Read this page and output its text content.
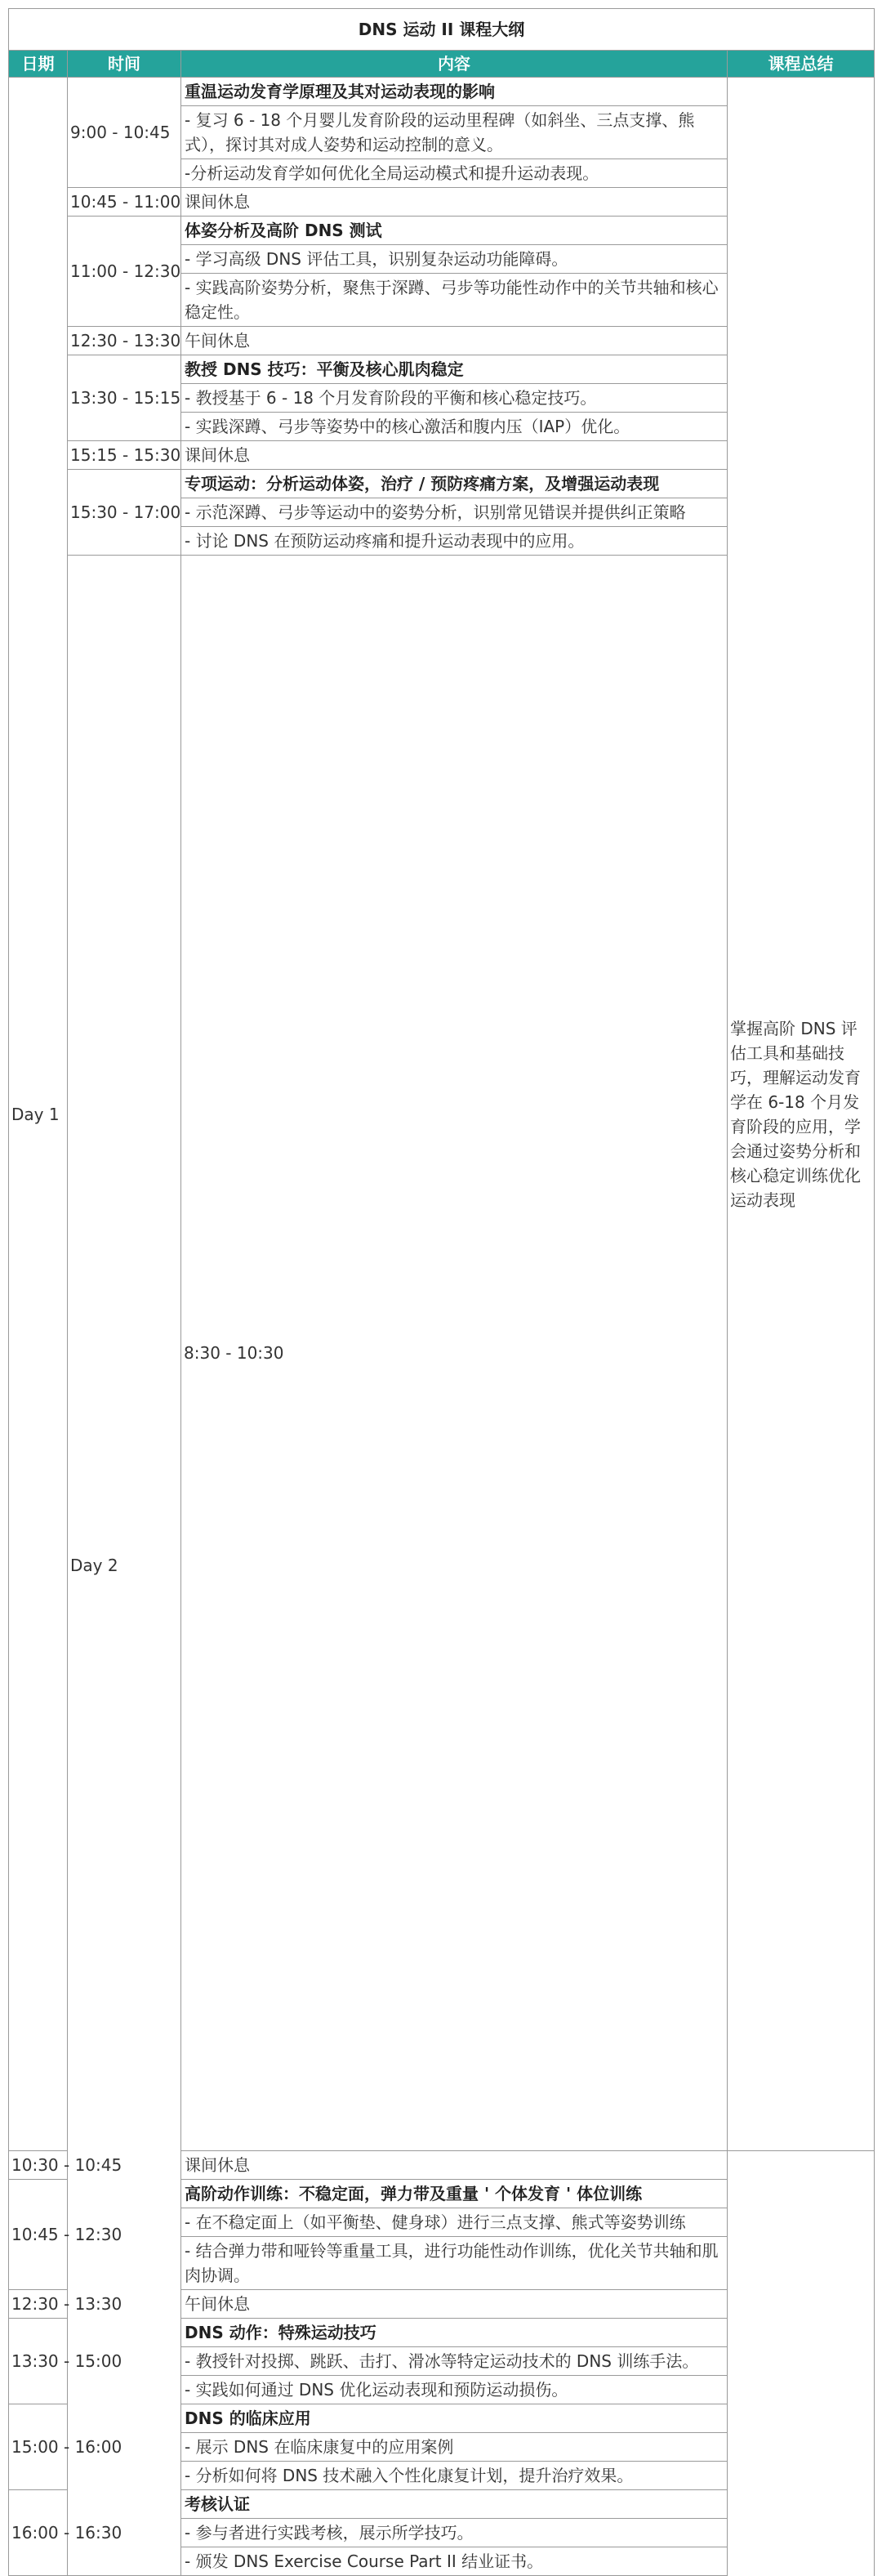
DNS 运动 II 课程大纲				
日期	时间	内容	课程总结	
Day 1	9:00 - 10:45	重温运动发育学原理及其对运动表现的影响	掌握高阶 DNS 评估工具和基础技巧，理解运动发育学在 6-18 个月发育阶段的应用，学会通过姿势分析和核心稳定训练优化运动表现	
		- 复习 6 - 18 个月婴儿发育阶段的运动里程碑（如斜坐、三点支撑、熊式），探讨其对成人姿势和运动控制的意义。		
		-分析运动发育学如何优化全局运动模式和提升运动表现。		
	10:45 - 11:00	课间休息		
	11:00 - 12:30	体姿分析及高阶 DNS 测试		
		- 学习高级 DNS 评估工具，识别复杂运动功能障碍。		
		- 实践高阶姿势分析，聚焦于深蹲、弓步等功能性动作中的关节共轴和核心稳定性。		
	12:30 - 13:30	午间休息		
	13:30 - 15:15	教授 DNS 技巧：平衡及核心肌肉稳定		
		- 教授基于 6 - 18 个月发育阶段的平衡和核心稳定技巧。		
		- 实践深蹲、弓步等姿势中的核心激活和腹内压（IAP）优化。		
	15:15 - 15:30	课间休息		
	15:30 - 17:00	专项运动：分析运动体姿，治疗 / 预防疼痛方案，及增强运动表现		
		- 示范深蹲、弓步等运动中的姿势分析，识别常见错误并提供纠正策略		
		- 讨论 DNS 在预防运动疼痛和提升运动表现中的应用。		
	Day 2	8:30 - 10:30		

10:30 - 10:45		课间休息		
10:45 - 12:30		高阶动作训练：不稳定面，弹力带及重量 ' 个体发育 ' 体位训练		
		- 在不稳定面上（如平衡垫、健身球）进行三点支撑、熊式等姿势训练		
		- 结合弹力带和哑铃等重量工具，进行功能性动作训练，优化关节共轴和肌肉协调。		
12:30 - 13:30		午间休息		
13:30 - 15:00		DNS 动作：特殊运动技巧		
		- 教授针对投掷、跳跃、击打、滑冰等特定运动技术的 DNS 训练手法。		
		- 实践如何通过 DNS 优化运动表现和预防运动损伤。		
15:00 - 16:00		DNS 的临床应用		
		- 展示 DNS 在临床康复中的应用案例		
		- 分析如何将 DNS 技术融入个性化康复计划，提升治疗效果。		
16:00 - 16:30		考核认证		
		- 参与者进行实践考核，展示所学技巧。		
		- 颁发 DNS Exercise Course Part II 结业证书。		
